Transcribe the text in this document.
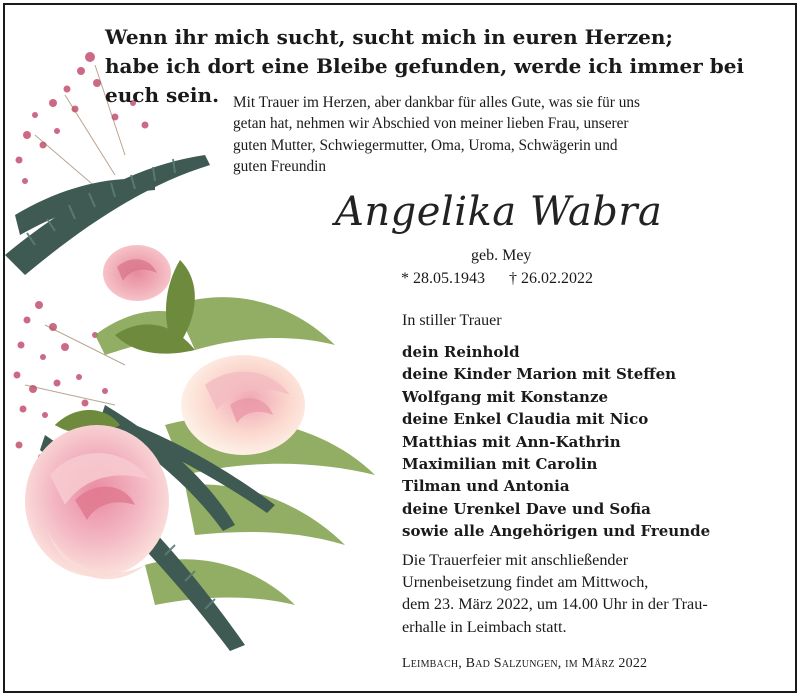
Wenn ihr mich sucht, sucht mich in euren Herzen;
habe ich dort eine Bleibe gefunden, werde ich immer bei euch sein. Mit Trauer im Herzen, aber dankbar für alles Gute, was sie für uns
getan hat, nehmen wir Abschied von meiner lieben Frau, unserer
guten Mutter, Schwiegermutter, Oma, Uroma, Schwägerin und
guten Freundin
Angelika Wabra
geb. Mey
* 28.05.1943 † 26.02.2022
In stiller Trauer
dein Reinhold
deine Kinder Marion mit Steffen
Wolfgang mit Konstanze
deine Enkel Claudia mit Nico
Matthias mit Ann-Kathrin
Maximilian mit Carolin
Tilman und Antonia
deine Urenkel Dave und Sofia
sowie alle Angehörigen und Freunde
Die Trauerfeier mit anschließender
Urnenbeisetzung findet am Mittwoch,
dem 23. März 2022, um 14.00 Uhr in der Trau-
erhalle in Leimbach statt.
Leimbach, Bad Salzungen, im März 2022
